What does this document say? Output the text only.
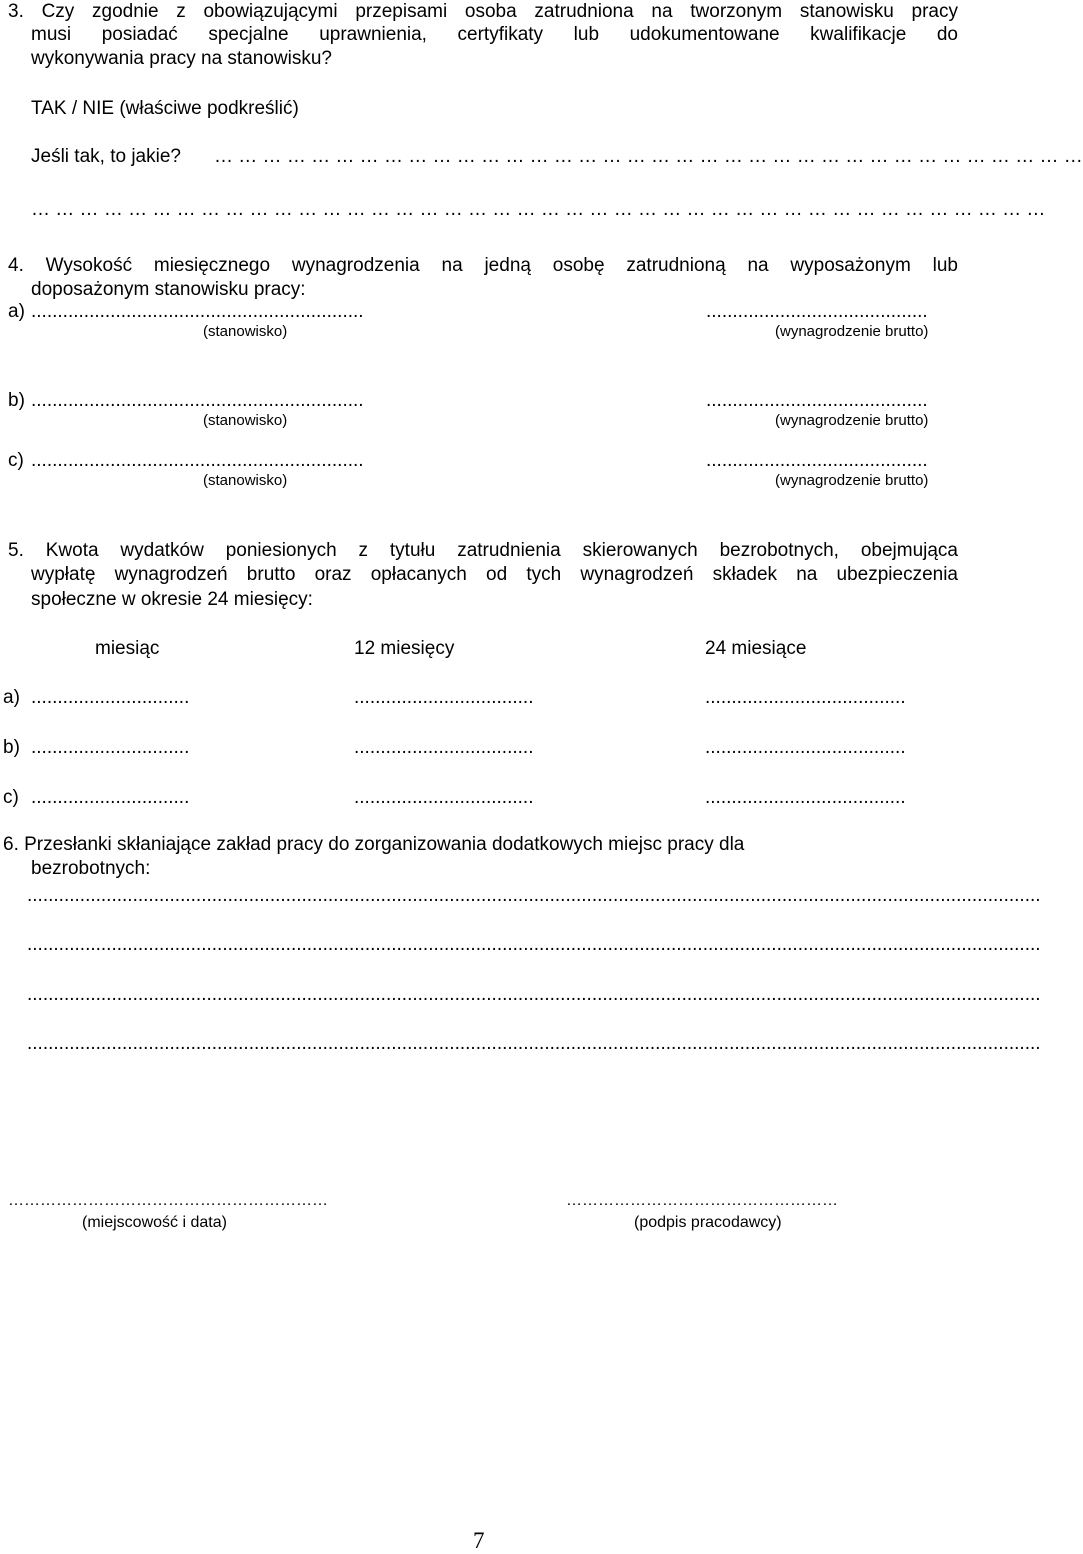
3. Czy zgodnie z obowiązującymi przepisami osoba zatrudniona na tworzonym stanowisku pracy
musi posiadać specjalne uprawnienia, certyfikaty lub udokumentowane kwalifikacje do
wykonywania pracy na stanowisku?
TAK / NIE (właściwe podkreślić)
Jeśli tak, to jakie? … … … … … … … … … … … … … … … … … … … … … … … … … … … … … … … … … … … …
… … … … … … … … … … … … … … … … … … … … … … … … … … … … … … … … … … … … … … … … … …
4. Wysokość miesięcznego wynagrodzenia na jedną osobę zatrudnioną na wyposażonym lub
doposażonym stanowisku pracy:
a) ...............................................................	..........................................
(stanowisko)	(wynagrodzenie brutto)
b) ...............................................................	..........................................
(stanowisko)	(wynagrodzenie brutto)
c) ...............................................................	..........................................
(stanowisko)	(wynagrodzenie brutto)
5. Kwota wydatków poniesionych z tytułu zatrudnienia skierowanych bezrobotnych, obejmująca
wypłatę wynagrodzeń brutto oraz opłacanych od tych wynagrodzeń składek na ubezpieczenia
społeczne w okresie 24 miesięcy:
miesiąc	12 miesięcy	24 miesiące
a) ..............................	..................................	......................................
b) ..............................	..................................	......................................
c) ..............................	..................................	......................................
6. Przesłanki skłaniające zakład pracy do zorganizowania dodatkowych miejsc pracy dla
bezrobotnych:
................................................................................................................................................................................................
................................................................................................................................................................................................
................................................................................................................................................................................................
................................................................................................................................................................................................
……………………………………………………	……………………………………………
(miejscowość i data)	(podpis pracodawcy)
7
